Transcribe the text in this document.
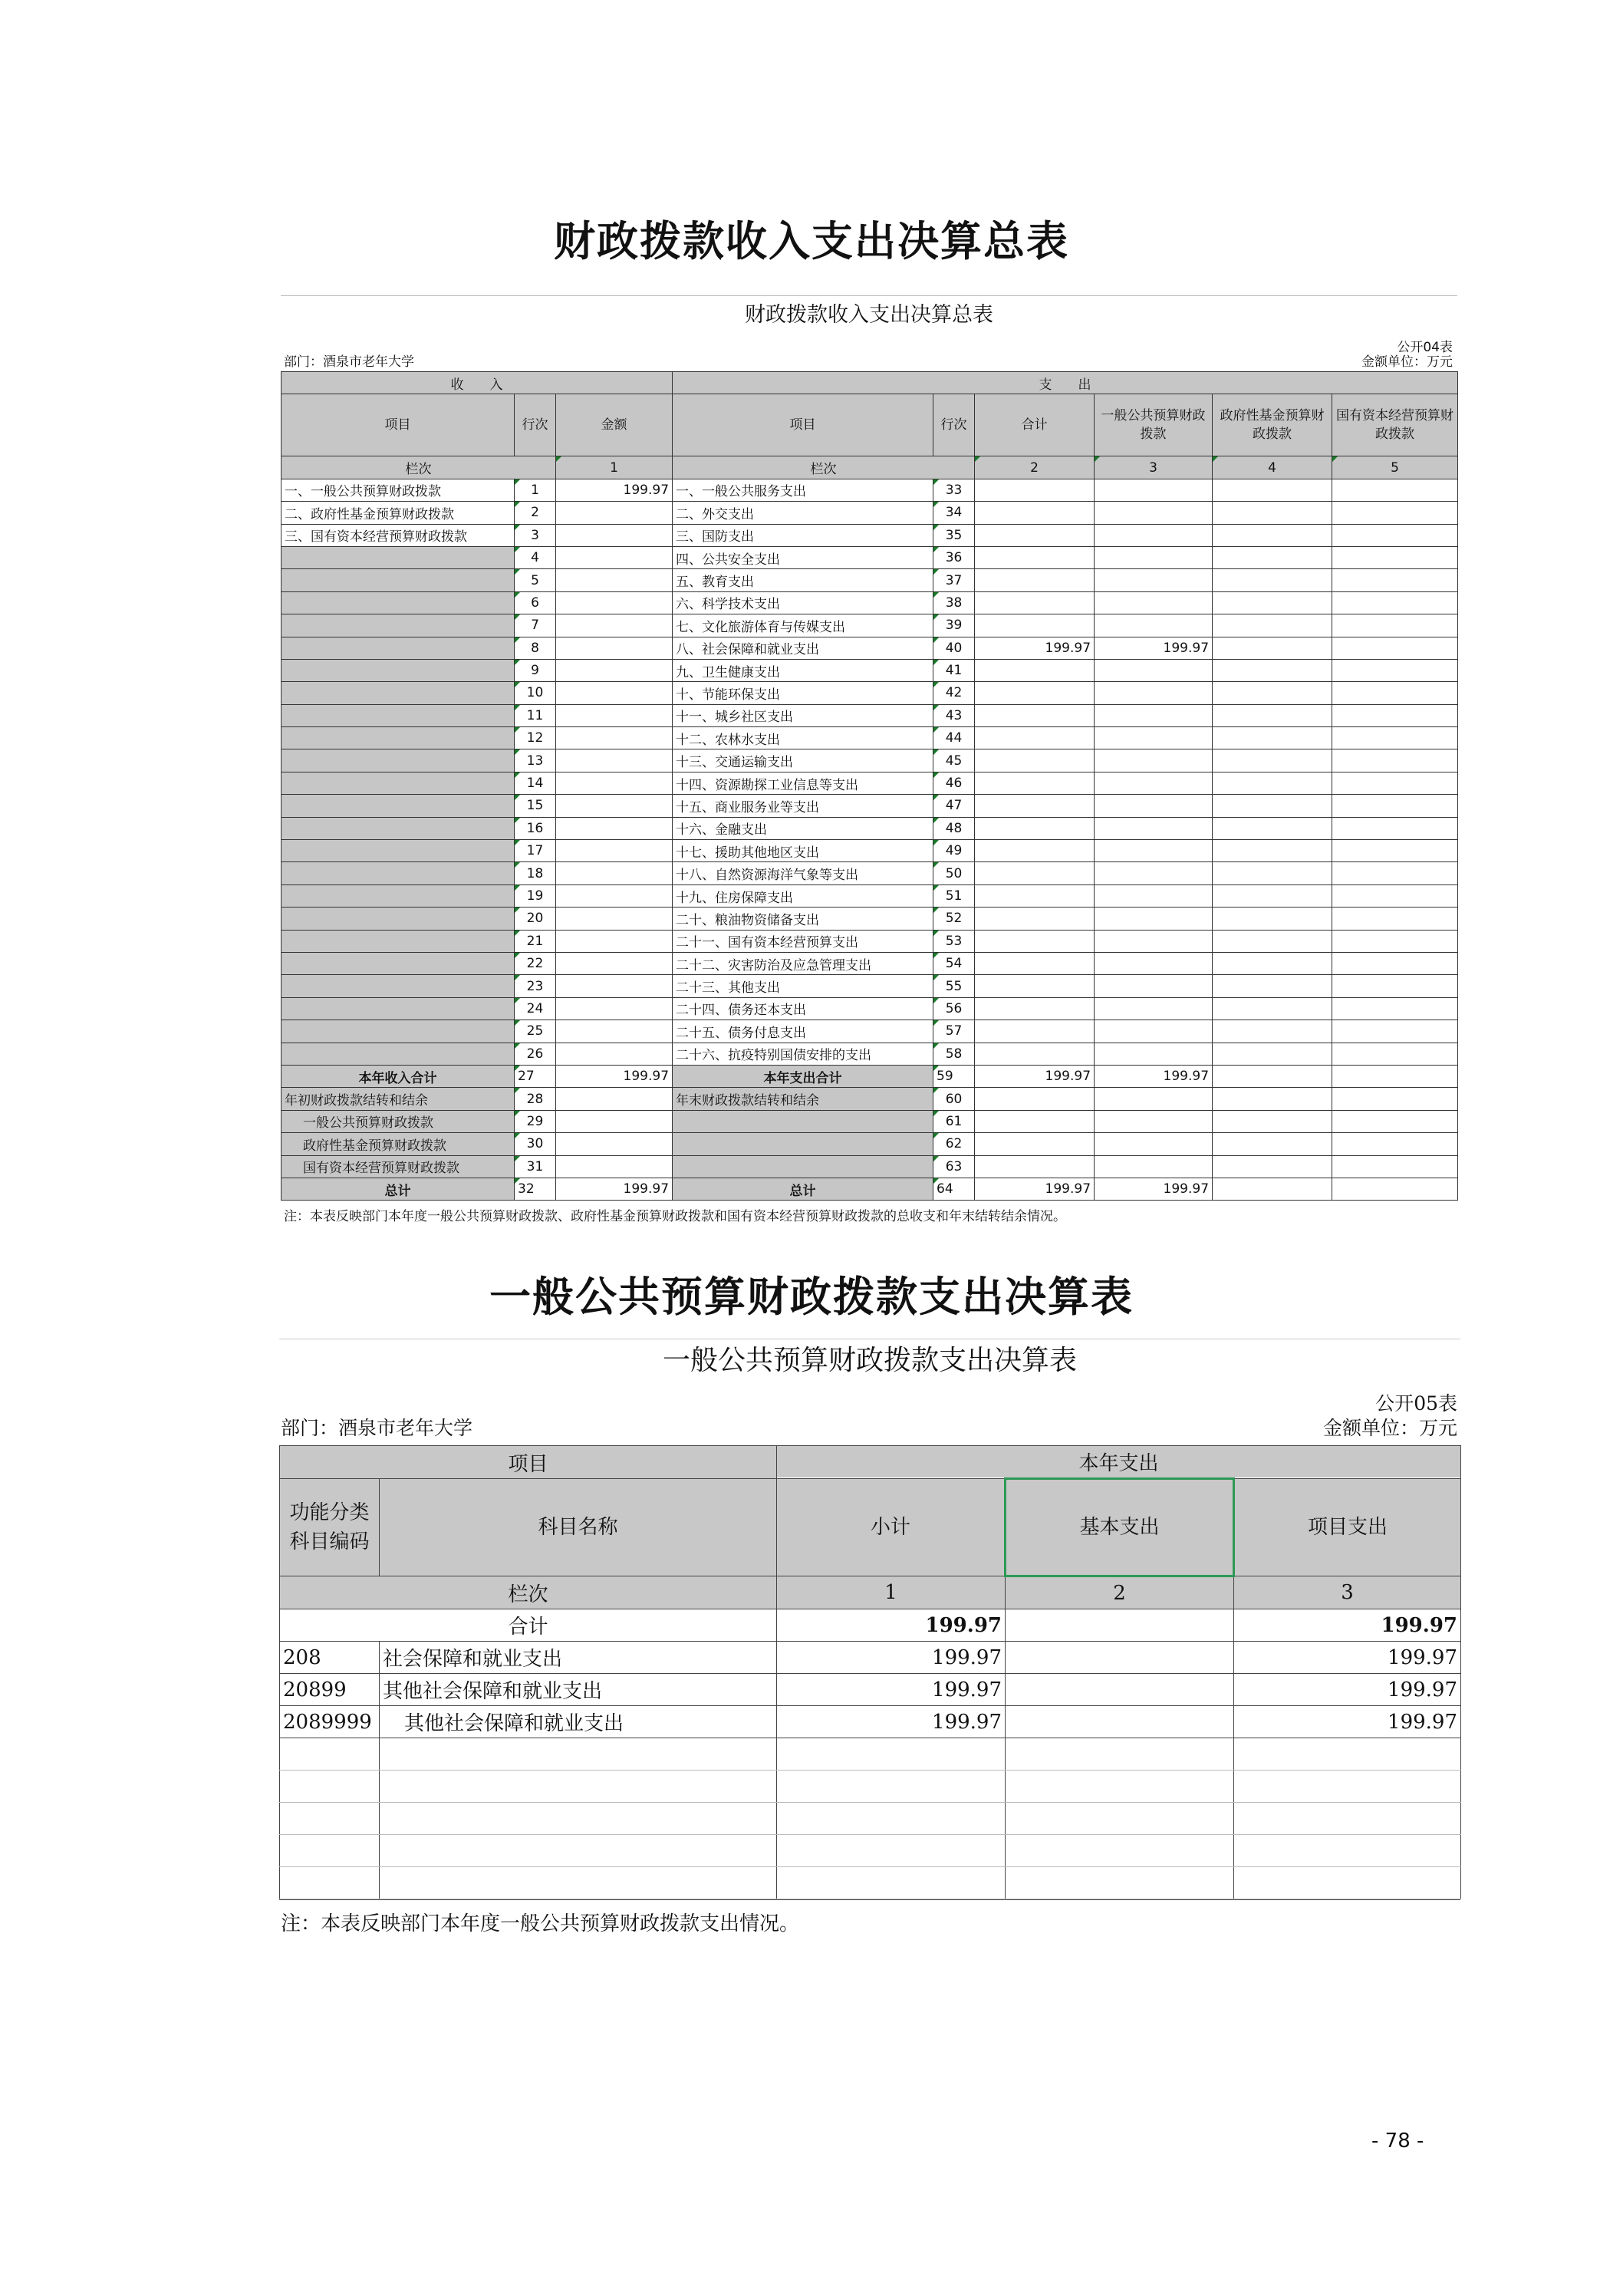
财政拨款收入支出决算总表
财政拨款收入支出决算总表
公开04表
部门：酒泉市老年大学	金额单位：万元
收　　入			支　　出					
项目	行次	金额	项目	行次	合计	一般公共预算财政拨款	政府性基金预算财政拨款	国有资本经营预算财政拨款
栏次		1	栏次		2	3	4	5
一、一般公共预算财政拨款	1	199.97	一、一般公共服务支出	33				
二、政府性基金预算财政拨款	2		二、外交支出	34				
三、国有资本经营预算财政拨款	3		三、国防支出	35				
	4		四、公共安全支出	36				
	5		五、教育支出	37				
	6		六、科学技术支出	38				
	7		七、文化旅游体育与传媒支出	39				
	8		八、社会保障和就业支出	40	199.97	199.97		
	9		九、卫生健康支出	41				
	10		十、节能环保支出	42				
	11		十一、城乡社区支出	43				
	12		十二、农林水支出	44				
	13		十三、交通运输支出	45				
	14		十四、资源勘探工业信息等支出	46				
	15		十五、商业服务业等支出	47				
	16		十六、金融支出	48				
	17		十七、援助其他地区支出	49				
	18		十八、自然资源海洋气象等支出	50				
	19		十九、住房保障支出	51				
	20		二十、粮油物资储备支出	52				
	21		二十一、国有资本经营预算支出	53				
	22		二十二、灾害防治及应急管理支出	54				
	23		二十三、其他支出	55				
	24		二十四、债务还本支出	56				
	25		二十五、债务付息支出	57				
	26		二十六、抗疫特别国债安排的支出	58				
本年收入合计	27	199.97	本年支出合计	59	199.97	199.97		
年初财政拨款结转和结余	28		年末财政拨款结转和结余	60				
一般公共预算财政拨款	29			61				
政府性基金预算财政拨款	30			62				
国有资本经营预算财政拨款	31			63				
总计	32	199.97	总计	64	199.97	199.97		
注：本表反映部门本年度一般公共预算财政拨款、政府性基金预算财政拨款和国有资本经营预算财政拨款的总收支和年末结转结余情况。
一般公共预算财政拨款支出决算表
一般公共预算财政拨款支出决算表
公开05表
部门：酒泉市老年大学	金额单位：万元
项目		本年支出		
功能分类科目编码	科目名称	小计	基本支出	项目支出
栏次		1	2	3
合计		199.97		199.97
208	社会保障和就业支出	199.97		199.97
20899	其他社会保障和就业支出	199.97		199.97
2089999	其他社会保障和就业支出	199.97		199.97

注：本表反映部门本年度一般公共预算财政拨款支出情况。
- 78 -
